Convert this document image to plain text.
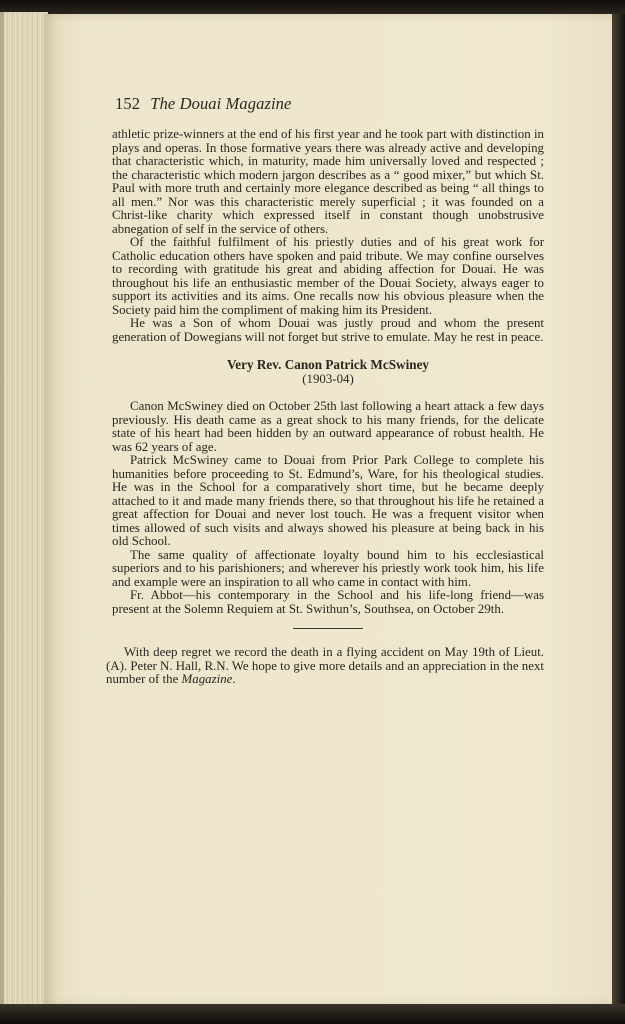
152 The Douai Magazine

athletic prize-winners at the end of his first year and he took part with distinction in plays and operas. In those formative years there was already active and developing that characteristic which, in maturity, made him universally loved and respected ; the characteristic which modern jargon describes as a “ good mixer,” but which St. Paul with more truth and certainly more elegance described as being “ all things to all men.” Nor was this characteristic merely superficial ; it was founded on a Christ-like charity which expressed itself in constant though unobstrusive abnegation of self in the service of others.

Of the faithful fulfilment of his priestly duties and of his great work for Catholic education others have spoken and paid tribute. We may confine ourselves to recording with gratitude his great and abiding affection for Douai. He was throughout his life an enthusiastic member of the Douai Society, always eager to support its activities and its aims. One recalls now his obvious pleasure when the Society paid him the compliment of making him its President.

He was a Son of whom Douai was justly proud and whom the present generation of Dowegians will not forget but strive to emulate. May he rest in peace.

Very Rev. Canon Patrick McSwiney
(1903-04)

Canon McSwiney died on October 25th last following a heart attack a few days previously. His death came as a great shock to his many friends, for the delicate state of his heart had been hidden by an outward appearance of robust health. He was 62 years of age.

Patrick McSwiney came to Douai from Prior Park College to complete his humanities before proceeding to St. Edmund’s, Ware, for his theological studies. He was in the School for a comparatively short time, but he became deeply attached to it and made many friends there, so that throughout his life he retained a great affection for Douai and never lost touch. He was a frequent visitor when times allowed of such visits and always showed his pleasure at being back in his old School.

The same quality of affectionate loyalty bound him to his ecclesiastical superiors and to his parishioners; and wherever his priestly work took him, his life and example were an inspiration to all who came in contact with him.

Fr. Abbot—his contemporary in the School and his life-long friend—was present at the Solemn Requiem at St. Swithun’s, Southsea, on October 29th.

With deep regret we record the death in a flying accident on May 19th of Lieut. (A). Peter N. Hall, R.N. We hope to give more details and an appreciation in the next number of the Magazine.
